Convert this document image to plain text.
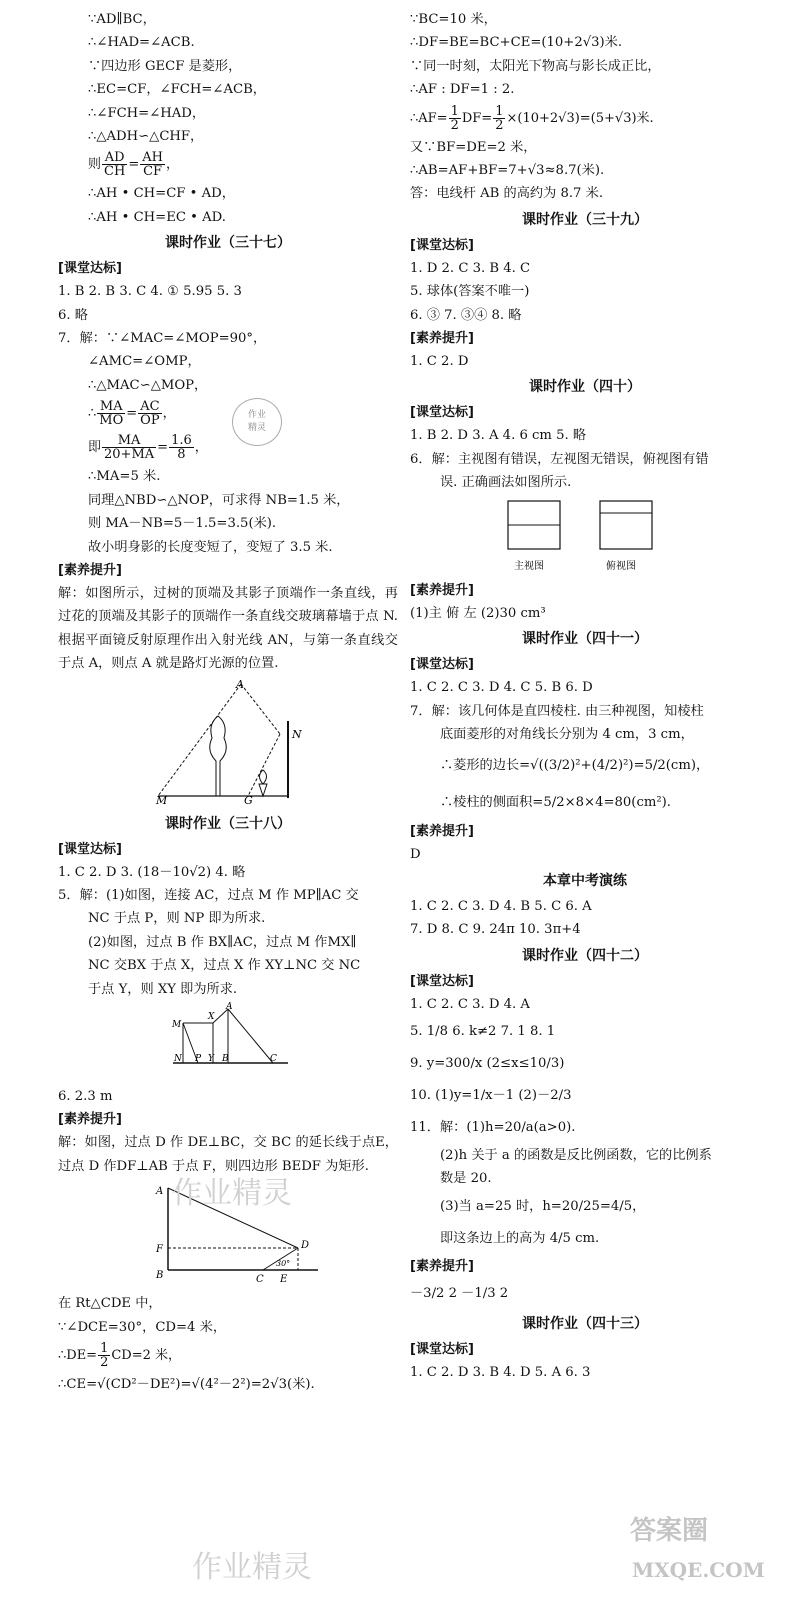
∵AD∥BC，
∴∠HAD=∠ACB.
∵四边形 GECF 是菱形，
∴EC=CF，∠FCH=∠ACB，
∴∠FCH=∠HAD，
∴△ADH∽△CHF，
则 $\frac{AD}{CH} = \frac{AH}{CF}$ ，
∴AH • CH=CF • AD，
∴AH • CH=EC • AD.
课时作业（三十七）
[课堂达标]
1. B 2. B 3. C 4. ① 5.95 5. 3
6. 略
7．解：∵∠MAC=∠MOP=90°，
∠AMC=∠OMP，
∴△MAC∽△MOP，
∴ $\frac{MA}{MO} = \frac{AC}{OP}$ ，
即 $\frac{MA}{20+MA} = \frac{1.6}{8}$ ，
∴MA=5 米.
同理△NBD∽△NOP，可求得 NB=1.5 米，
则 MA－NB=5－1.5=3.5(米).
故小明身影的长度变短了，变短了 3.5 米.
[素养提升]
解：如图所示，过树的顶端及其影子顶端作一条直线，再过花的顶端及其影子的顶端作一条直线交玻璃幕墙于点 N. 根据平面镜反射原理作出入射光线 AN，与第一条直线交于点 A，则点 A 就是路灯光源的位置.
A
N
M	G
课时作业（三十八）
[课堂达标]
1. C 2. D 3. (18－10√2) 4. 略
5．解：(1)如图，连接 AC，过点 M 作 MP∥AC 交
NC 于点 P，则 NP 即为所求.
(2)如图，过点 B 作 BX∥AC，过点 M 作MX∥
NC 交BX 于点 X，过点 X 作 XY⊥NC 交 NC
于点 Y，则 XY 即为所求.
A
M
X
N P Y B	C
6. 2.3 m
[素养提升]
解：如图，过点 D 作 DE⊥BC，交 BC 的延长线于点E，过点 D 作DF⊥AB 于点 F，则四边形 BEDF 为矩形.
A
F
B	C E
D
30°
在 Rt△CDE 中，
∵∠DCE=30°，CD=4 米，
∴DE= $\frac{1}{2} CD=2$ 米，
∴CE=√(CD²－DE²)=√(4²－2²)=2√3(米).
∵BC=10 米，
∴DF=BE=BC+CE=(10+2√3)米.
∵同一时刻，太阳光下物高与影长成正比，
∴AF : DF=1 : 2.
∴AF= $\frac{1}{2} DF= \frac{1}{2} \times(10+2√3)=(5+√3)$米.
又∵BF=DE=2 米，
∴AB=AF+BF=7+√3≈8.7(米).
答：电线杆 AB 的高约为 8.7 米.
课时作业（三十九）
[课堂达标]
1. D 2. C 3. B 4. C
5. 球体(答案不唯一)
6. ③ 7. ③④ 8. 略
[素养提升]
1. C 2. D
课时作业（四十）
[课堂达标]
1. B 2. D 3. A 4. 6 cm 5. 略
6．解：主视图有错误，左视图无错误，俯视图有错
误. 正确画法如图所示.
主视图	俯视图
[素养提升]
(1)主 俯 左 (2)30 cm³
课时作业（四十一）
[课堂达标]
1. C 2. C 3. D 4. C 5. B 6. D
7．解：该几何体是直四棱柱. 由三种视图，知棱柱
底面菱形的对角线长分别为 4 cm，3 cm，
∴菱形的边长=√((3/2)²+(4/2)²)=5/2(cm)，
∴棱柱的侧面积=5/2×8×4=80(cm²).
[素养提升]
D
本章中考演练
1. C 2. C 3. D 4. B 5. C 6. A
7. D 8. C 9. 24π 10. 3π+4
课时作业（四十二）
[课堂达标]
1. C 2. C 3. D 4. A
5. 1/8 6. k≠2 7. 1 8. 1
9. y=300/x (2≤x≤10/3)
10. (1)y=1/x－1 (2)－2/3
11．解：(1)h=20/a(a>0).
(2)h 关于 a 的函数是反比例函数，它的比例系
数是 20.
(3)当 a=25 时，h=20/25=4/5，
即这条边上的高为 4/5 cm.
[素养提升]
－3/2 2 －1/3 2
课时作业（四十三）
[课堂达标]
1. C 2. D 3. B 4. D 5. A 6. 3
作业
精灵
作业精灵
作业精灵
答案圈
MXQE.COM
